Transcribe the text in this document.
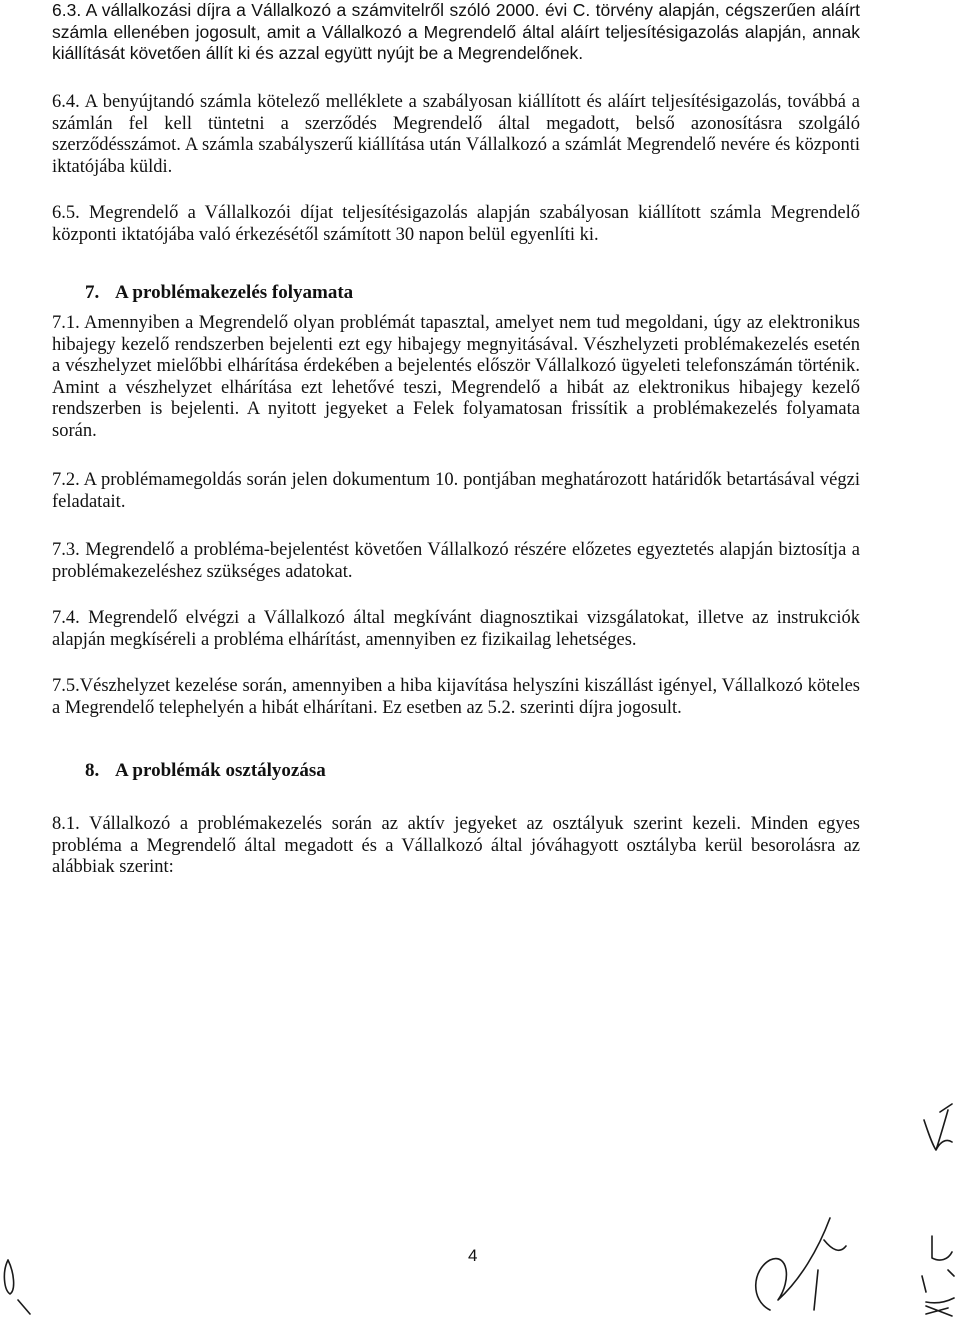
6.3. A vállalkozási díjra a Vállalkozó a számvitelről szóló 2000. évi C. törvény alapján, cégszerűen aláírt számla ellenében jogosult, amit a Vállalkozó a Megrendelő által aláírt teljesítésigazolás alapján, annak kiállítását követően állít ki és azzal együtt nyújt be a Megrendelőnek.

6.4. A benyújtandó számla kötelező melléklete a szabályosan kiállított és aláírt teljesítésigazolás, továbbá a számlán fel kell tüntetni a szerződés Megrendelő által megadott, belső azonosításra szolgáló szerződésszámot. A számla szabályszerű kiállítása után Vállalkozó a számlát Megrendelő nevére és központi iktatójába küldi.

6.5. Megrendelő a Vállalkozói díjat teljesítésigazolás alapján szabályosan kiállított számla Megrendelő központi iktatójába való érkezésétől számított 30 napon belül egyenlíti ki.

7. A problémakezelés folyamata

7.1. Amennyiben a Megrendelő olyan problémát tapasztal, amelyet nem tud megoldani, úgy az elektronikus hibajegy kezelő rendszerben bejelenti ezt egy hibajegy megnyitásával. Vészhelyzeti problémakezelés esetén a vészhelyzet mielőbbi elhárítása érdekében a bejelentés először Vállalkozó ügyeleti telefonszámán történik. Amint a vészhelyzet elhárítása ezt lehetővé teszi, Megrendelő a hibát az elektronikus hibajegy kezelő rendszerben is bejelenti. A nyitott jegyeket a Felek folyamatosan frissítik a problémakezelés folyamata során.

7.2. A problémamegoldás során jelen dokumentum 10. pontjában meghatározott határidők betartásával végzi feladatait.

7.3. Megrendelő a probléma-bejelentést követően Vállalkozó részére előzetes egyeztetés alapján biztosítja a problémakezeléshez szükséges adatokat.

7.4. Megrendelő elvégzi a Vállalkozó által megkívánt diagnosztikai vizsgálatokat, illetve az instrukciók alapján megkíséreli a probléma elhárítást, amennyiben ez fizikailag lehetséges.

7.5.Vészhelyzet kezelése során, amennyiben a hiba kijavítása helyszíni kiszállást igényel, Vállalkozó köteles a Megrendelő telephelyén a hibát elhárítani. Ez esetben az 5.2. szerinti díjra jogosult.

8. A problémák osztályozása

8.1. Vállalkozó a problémakezelés során az aktív jegyeket az osztályuk szerint kezeli. Minden egyes probléma a Megrendelő által megadott és a Vállalkozó által jóváhagyott osztályba kerül besorolásra az alábbiak szerint:

4
